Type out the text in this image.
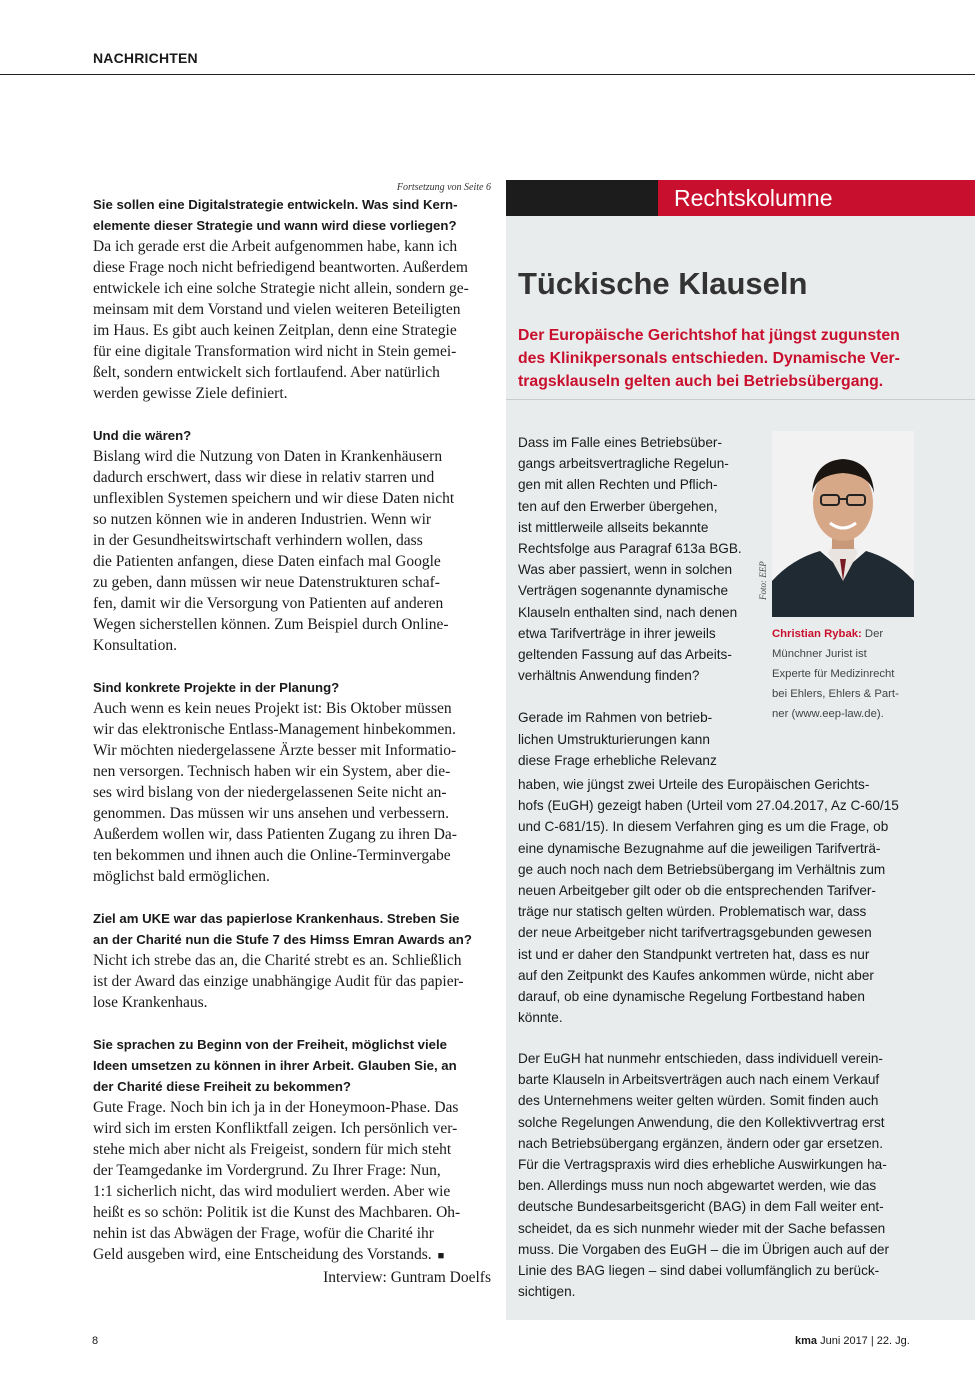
NACHRICHTEN

Fortsetzung von Seite 6

Sie sollen eine Digitalstrategie entwickeln. Was sind Kern-
elemente dieser Strategie und wann wird diese vorliegen?

Da ich gerade erst die Arbeit aufgenommen habe, kann ich
diese Frage noch nicht befriedigend beantworten. Außerdem
entwickele ich eine solche Strategie nicht allein, sondern ge-
meinsam mit dem Vorstand und vielen weiteren Beteiligten
im Haus. Es gibt auch keinen Zeitplan, denn eine Strategie
für eine digitale Transformation wird nicht in Stein gemei-
ßelt, sondern entwickelt sich fortlaufend. Aber natürlich
werden gewisse Ziele definiert.

Und die wären?

Bislang wird die Nutzung von Daten in Krankenhäusern
dadurch erschwert, dass wir diese in relativ starren und
unflexiblen Systemen speichern und wir diese Daten nicht
so nutzen können wie in anderen Industrien. Wenn wir
in der Gesundheitswirtschaft verhindern wollen, dass
die Patienten anfangen, diese Daten einfach mal Google
zu geben, dann müssen wir neue Datenstrukturen schaf-
fen, damit wir die Versorgung von Patienten auf anderen
Wegen sicherstellen können. Zum Beispiel durch Online-
Konsultation.

Sind konkrete Projekte in der Planung?

Auch wenn es kein neues Projekt ist: Bis Oktober müssen
wir das elektronische Entlass-Management hinbekommen.
Wir möchten niedergelassene Ärzte besser mit Informatio-
nen versorgen. Technisch haben wir ein System, aber die-
ses wird bislang von der niedergelassenen Seite nicht an-
genommen. Das müssen wir uns ansehen und verbessern.
Außerdem wollen wir, dass Patienten Zugang zu ihren Da-
ten bekommen und ihnen auch die Online-Terminvergabe
möglichst bald ermöglichen.

Ziel am UKE war das papierlose Krankenhaus. Streben Sie
an der Charité nun die Stufe 7 des Himss Emran Awards an?

Nicht ich strebe das an, die Charité strebt es an. Schließlich
ist der Award das einzige unabhängige Audit für das papier-
lose Krankenhaus.

Sie sprachen zu Beginn von der Freiheit, möglichst viele
Ideen umsetzen zu können in ihrer Arbeit. Glauben Sie, an
der Charité diese Freiheit zu bekommen?

Gute Frage. Noch bin ich ja in der Honeymoon-Phase. Das
wird sich im ersten Konfliktfall zeigen. Ich persönlich ver-
stehe mich aber nicht als Freigeist, sondern für mich steht
der Teamgedanke im Vordergrund. Zu Ihrer Frage: Nun,
1:1 sicherlich nicht, das wird moduliert werden. Aber wie
heißt es so schön: Politik ist die Kunst des Machbaren. Oh-
nehin ist das Abwägen der Frage, wofür die Charité ihr
Geld ausgeben wird, eine Entscheidung des Vorstands. ■

Interview: Guntram Doelfs

Rechtskolumne
Tückische Klauseln

Der Europäische Gerichtshof hat jüngst zugunsten
des Klinikpersonals entschieden. Dynamische Ver-
tragsklauseln gelten auch bei Betriebsübergang.

Dass im Falle eines Betriebsüber-
gangs arbeitsvertragliche Regelun-
gen mit allen Rechten und Pflich-
ten auf den Erwerber übergehen,
ist mittlerweile allseits bekannte
Rechtsfolge aus Paragraf 613a BGB.
Was aber passiert, wenn in solchen
Verträgen sogenannte dynamische
Klauseln enthalten sind, nach denen
etwa Tarifverträge in ihrer jeweils
geltenden Fassung auf das Arbeits-
verhältnis Anwendung finden?

Gerade im Rahmen von betrieb-
lichen Umstrukturierungen kann
diese Frage erhebliche Relevanz

Foto: EEP
Christian Rybak: Der
Münchner Jurist ist
Experte für Medizinrecht
bei Ehlers, Ehlers & Part-
ner (www.eep-law.de).

haben, wie jüngst zwei Urteile des Europäischen Gerichts-
hofs (EuGH) gezeigt haben (Urteil vom 27.04.2017, Az C-60/15
und C-681/15). In diesem Verfahren ging es um die Frage, ob
eine dynamische Bezugnahme auf die jeweiligen Tarifverträ-
ge auch noch nach dem Betriebsübergang im Verhältnis zum
neuen Arbeitgeber gilt oder ob die entsprechenden Tarifver-
träge nur statisch gelten würden. Problematisch war, dass
der neue Arbeitgeber nicht tarifvertragsgebunden gewesen
ist und er daher den Standpunkt vertreten hat, dass es nur
auf den Zeitpunkt des Kaufes ankommen würde, nicht aber
darauf, ob eine dynamische Regelung Fortbestand haben
könnte.

Der EuGH hat nunmehr entschieden, dass individuell verein-
barte Klauseln in Arbeitsverträgen auch nach einem Verkauf
des Unternehmens weiter gelten würden. Somit finden auch
solche Regelungen Anwendung, die den Kollektivvertrag erst
nach Betriebsübergang ergänzen, ändern oder gar ersetzen.
Für die Vertragspraxis wird dies erhebliche Auswirkungen ha-
ben. Allerdings muss nun noch abgewartet werden, wie das
deutsche Bundesarbeitsgericht (BAG) in dem Fall weiter ent-
scheidet, da es sich nunmehr wieder mit der Sache befassen
muss. Die Vorgaben des EuGH – die im Übrigen auch auf der
Linie des BAG liegen – sind dabei vollumfänglich zu berück-
sichtigen.

8	kma Juni 2017 | 22. Jg.
